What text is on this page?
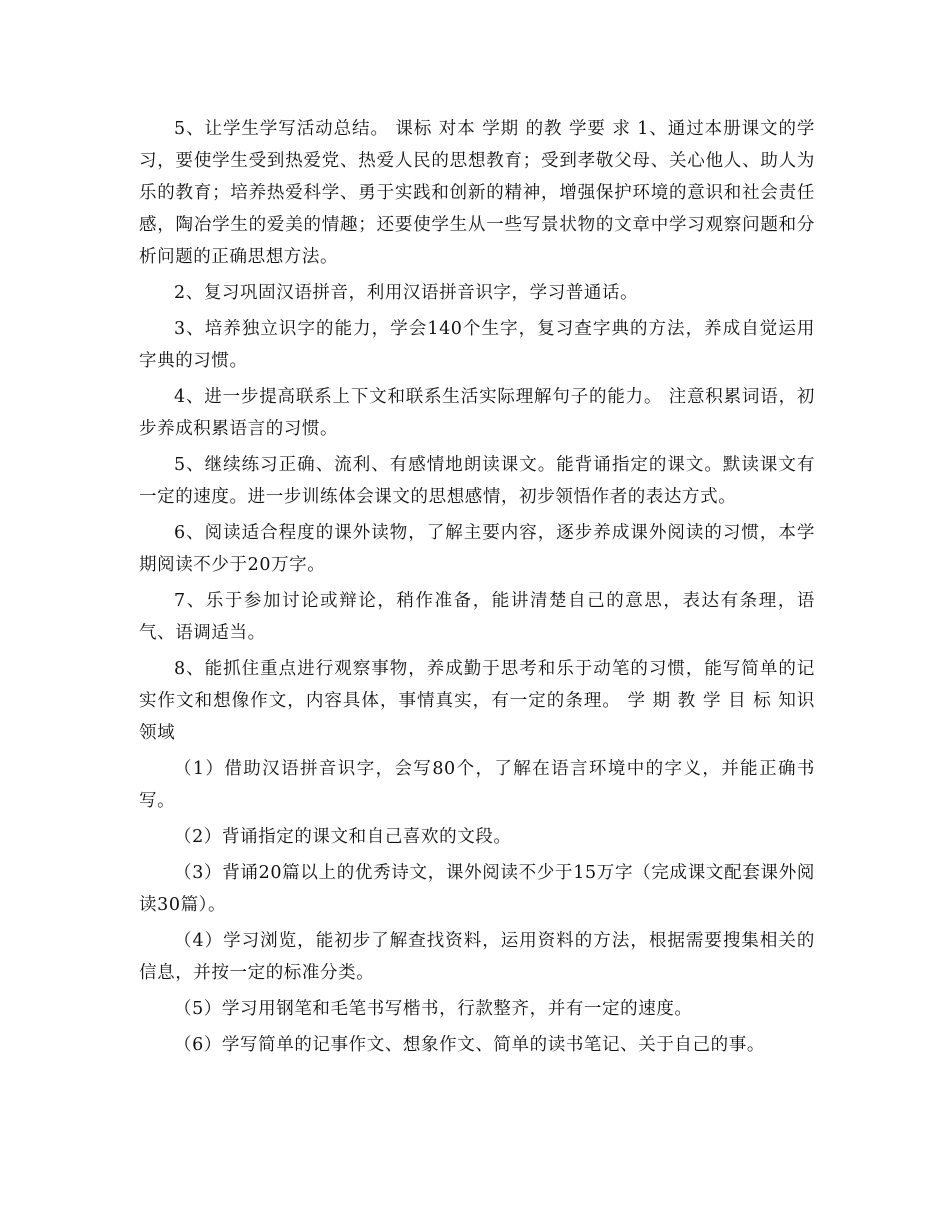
5、让学生学写活动总结。 课标 对本 学期 的教 学要 求 1、通过本册课文的学习，要使学生受到热爱党、热爱人民的思想教育；受到孝敬父母、关心他人、助人为乐的教育；培养热爱科学、勇于实践和创新的精神，增强保护环境的意识和社会责任感，陶冶学生的爱美的情趣；还要使学生从一些写景状物的文章中学习观察问题和分析问题的正确思想方法。

2、复习巩固汉语拼音，利用汉语拼音识字，学习普通话。

3、培养独立识字的能力，学会140个生字，复习查字典的方法，养成自觉运用字典的习惯。

4、进一步提高联系上下文和联系生活实际理解句子的能力。 注意积累词语，初步养成积累语言的习惯。

5、继续练习正确、流利、有感情地朗读课文。能背诵指定的课文。默读课文有一定的速度。进一步训练体会课文的思想感情，初步领悟作者的表达方式。

6、阅读适合程度的课外读物，了解主要内容，逐步养成课外阅读的习惯，本学期阅读不少于20万字。

7、乐于参加讨论或辩论，稍作准备，能讲清楚自己的意思，表达有条理，语气、语调适当。

8、能抓住重点进行观察事物，养成勤于思考和乐于动笔的习惯，能写简单的记实作文和想像作文，内容具体，事情真实，有一定的条理。 学 期 教 学 目 标 知识领域

（1）借助汉语拼音识字，会写80个，了解在语言环境中的字义，并能正确书写。

（2）背诵指定的课文和自己喜欢的文段。

（3）背诵20篇以上的优秀诗文，课外阅读不少于15万字（完成课文配套课外阅读30篇）。

（4）学习浏览，能初步了解查找资料，运用资料的方法，根据需要搜集相关的信息，并按一定的标准分类。

（5）学习用钢笔和毛笔书写楷书，行款整齐，并有一定的速度。

（6）学写简单的记事作文、想象作文、简单的读书笔记、关于自己的事。
